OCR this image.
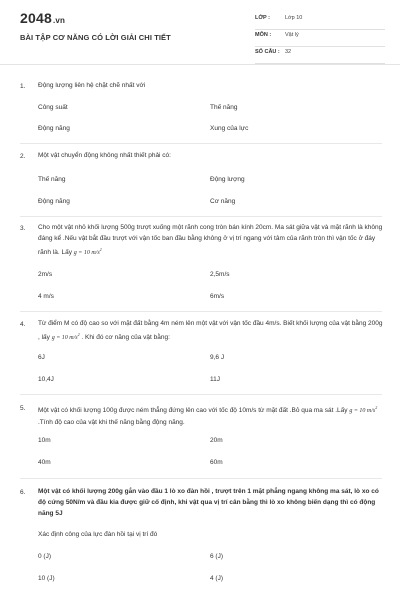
2048.vn
BÀI TẬP CƠ NĂNG CÓ LỜI GIẢI CHI TIẾT
LỚP :	Lớp 10
MÔN :	Vật lý
SỐ CÂU : 32
1. Động lượng liên hệ chặt chẽ nhất với
Công suất	Thế năng
Động năng	Xung của lực
2. Một vật chuyển động không nhất thiết phải có:
Thế năng	Động lượng
Động năng	Cơ năng
3. Cho một vật nhỏ khối lượng 500g trượt xuống một rãnh cong tròn bán kính 20cm. Ma sát giữa vật và mặt rãnh là không đáng kể .Nếu vật bắt đầu trượt với vận tốc ban đầu bằng không ở vị trí ngang với tâm của rãnh tròn thì vận tốc ở đáy rãnh là. Lấy g = 10 $m/s^2$
2m/s	2,5m/s
4 m/s	6m/s
4. Từ điểm M có độ cao so với mặt đất bằng 4m ném lên một vật với vận tốc đầu 4m/s. Biết khối lượng của vật bằng 200g , lấy g = 10 $m/s^2$ . Khi đó cơ năng của vật bằng:
6J	9,6 J
10,4J	11J
5. Một vật có khối lượng 100g được ném thẳng đứng lên cao với tốc độ 10m/s từ mặt đất .Bỏ qua ma sát .Lấy g = 10 $m/s^2$ .Tính độ cao của vật khi thế năng bằng động năng.
10m	20m
40m	60m
6. Một vật có khối lượng 200g gắn vào đầu 1 lò xo đàn hồi , trượt trên 1 mặt phẳng ngang không ma sát, lò xo có độ cứng 50N/m và đầu kia được giữ cố định, khi vật qua vị trí cân bằng thì lò xo không biến dạng thì có động năng 5J
Xác định công của lực đàn hồi tại vị trí đó
0 (J)	6 (J)
10 (J)	4 (J)
